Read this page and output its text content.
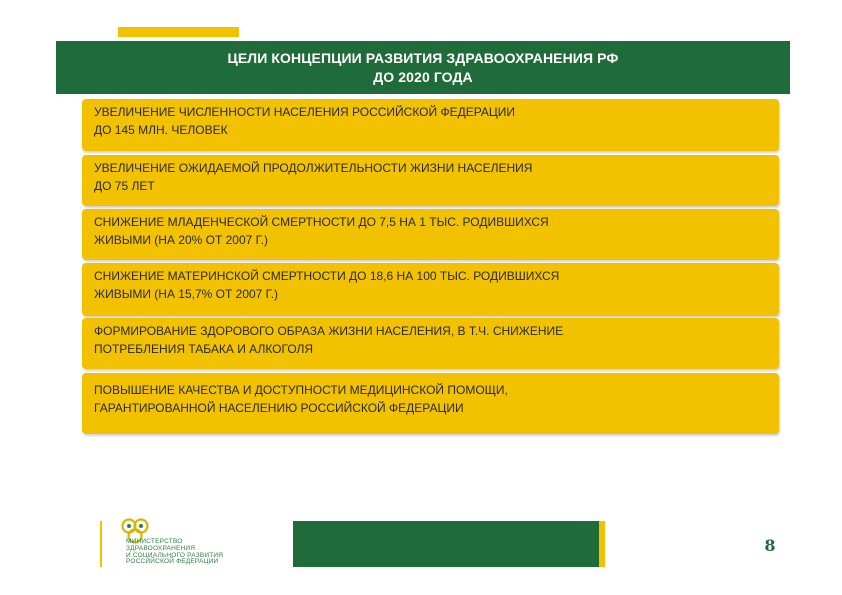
ЦЕЛИ КОНЦЕПЦИИ РАЗВИТИЯ ЗДРАВООХРАНЕНИЯ РФ
ДО 2020 ГОДА
УВЕЛИЧЕНИЕ ЧИСЛЕННОСТИ НАСЕЛЕНИЯ РОССИЙСКОЙ ФЕДЕРАЦИИ
ДО 145 МЛН. ЧЕЛОВЕК
УВЕЛИЧЕНИЕ ОЖИДАЕМОЙ ПРОДОЛЖИТЕЛЬНОСТИ ЖИЗНИ НАСЕЛЕНИЯ
ДО 75 ЛЕТ
СНИЖЕНИЕ МЛАДЕНЧЕСКОЙ СМЕРТНОСТИ ДО 7,5 НА 1 ТЫС. РОДИВШИХСЯ
ЖИВЫМИ (НА 20% ОТ 2007 Г.)
СНИЖЕНИЕ МАТЕРИНСКОЙ СМЕРТНОСТИ ДО 18,6 НА 100 ТЫС. РОДИВШИХСЯ
ЖИВЫМИ (НА 15,7% ОТ 2007 Г.)
ФОРМИРОВАНИЕ ЗДОРОВОГО ОБРАЗА ЖИЗНИ НАСЕЛЕНИЯ, В Т.Ч. СНИЖЕНИЕ
ПОТРЕБЛЕНИЯ ТАБАКА И АЛКОГОЛЯ
ПОВЫШЕНИЕ КАЧЕСТВА И ДОСТУПНОСТИ МЕДИЦИНСКОЙ ПОМОЩИ,
ГАРАНТИРОВАННОЙ НАСЕЛЕНИЮ РОССИЙСКОЙ ФЕДЕРАЦИИ
МИНИСТЕРСТВО
ЗДРАВООХРАНЕНИЯ
И СОЦИАЛЬНОГО РАЗВИТИЯ
РОССИЙСКОЙ ФЕДЕРАЦИИ
8
